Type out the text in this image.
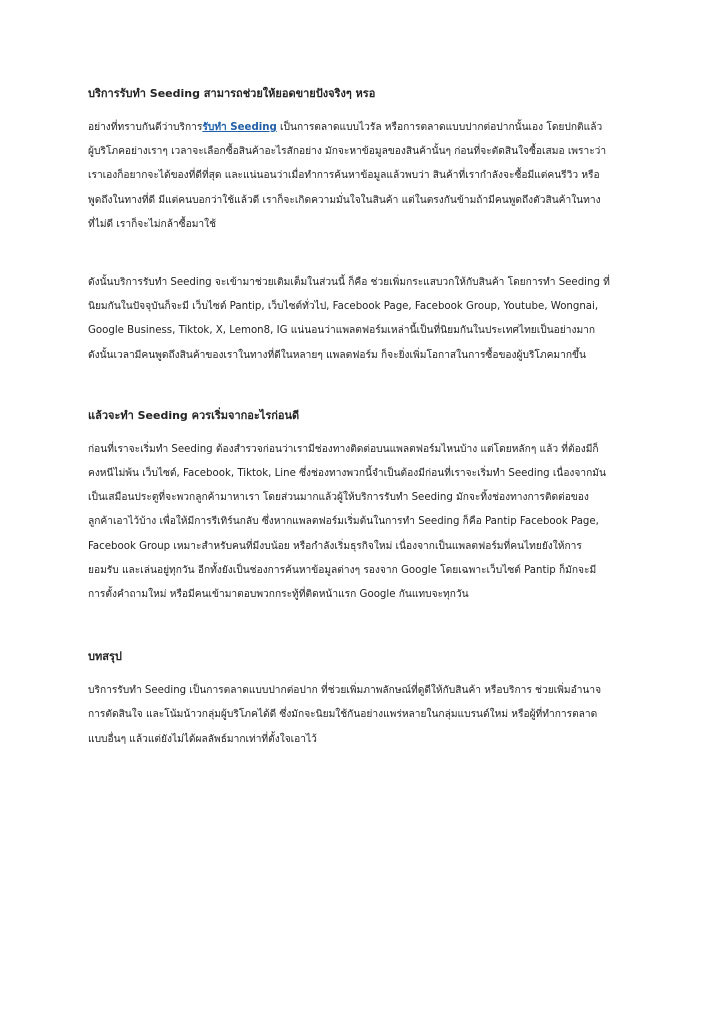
บริการรับทำ Seeding สามารถช่วยให้ยอดขายปังจริงๆ หรอ

อย่างที่ทราบกันดีว่าบริการรับทำ Seeding เป็นการตลาดแบบไวรัล หรือการตลาดแบบปากต่อปากนั้นเอง โดยปกติแล้ว
ผู้บริโภคอย่างเราๆ เวลาจะเลือกซื้อสินค้าอะไรสักอย่าง มักจะหาข้อมูลของสินค้านั้นๆ ก่อนที่จะตัดสินใจซื้อเสมอ เพราะว่า
เราเองก็อยากจะได้ของที่ดีที่สุด และแน่นอนว่าเมื่อทำการค้นหาข้อมูลแล้วพบว่า สินค้าที่เรากำลังจะซื้อมีแต่คนรีวิว หรือ
พูดถึงในทางที่ดี มีแต่คนบอกว่าใช้แล้วดี เราก็จะเกิดความมั่นใจในสินค้า แต่ในตรงกันข้ามถ้ามีคนพูดถึงตัวสินค้าในทาง
ที่ไม่ดี เราก็จะไม่กล้าซื้อมาใช้

ดังนั้นบริการรับทำ Seeding จะเข้ามาช่วยเติมเต็มในส่วนนี้ ก็คือ ช่วยเพิ่มกระแสบวกให้กับสินค้า โดยการทำ Seeding ที่
นิยมกันในปัจจุบันก็จะมี เว็บไซต์ Pantip, เว็บไซต์ทั่วไป, Facebook Page, Facebook Group, Youtube, Wongnai,
Google Business, Tiktok, X, Lemon8, IG แน่นอนว่าแพลตฟอร์มเหล่านี้เป็นที่นิยมกันในประเทศไทยเป็นอย่างมาก
ดังนั้นเวลามีคนพูดถึงสินค้าของเราในทางที่ดีในหลายๆ แพลตฟอร์ม ก็จะยิ่งเพิ่มโอกาสในการซื้อของผู้บริโภคมากขึ้น

แล้วจะทำ Seeding ควรเริ่มจากอะไรก่อนดี

ก่อนที่เราจะเริ่มทำ Seeding ต้องสำรวจก่อนว่าเรามีช่องทางติดต่อบนแพลตฟอร์มไหนบ้าง แต่โดยหลักๆ แล้ว ที่ต้องมีก็
คงหนีไม่พ้น เว็บไซต์, Facebook, Tiktok, Line ซึ่งช่องทางพวกนี้จำเป็นต้องมีก่อนที่เราจะเริ่มทำ Seeding เนื่องจากมัน
เป็นเสมือนประตูที่จะพวกลูกค้ามาหาเรา โดยส่วนมากแล้วผู้ให้บริการรับทำ Seeding มักจะทิ้งช่องทางการติดต่อของ
ลูกค้าเอาไว้บ้าง เพื่อให้มีการรีเทิร์นกลับ ซึ่งหากแพลตฟอร์มเริ่มต้นในการทำ Seeding ก็คือ Pantip Facebook Page,
Facebook Group เหมาะสำหรับคนที่มีงบน้อย หรือกำลังเริ่มธุรกิจใหม่ เนื่องจากเป็นแพลตฟอร์มที่คนไทยยังให้การ
ยอมรับ และเล่นอยู่ทุกวัน อีกทั้งยังเป็นช่องการค้นหาข้อมูลต่างๆ รองจาก Google โดยเฉพาะเว็บไซต์ Pantip ก็มักจะมี
การตั้งคำถามใหม่ หรือมีคนเข้ามาตอบพวกกระทู้ที่ติดหน้าแรก Google กันแทบจะทุกวัน

บทสรุป

บริการรับทำ Seeding เป็นการตลาดแบบปากต่อปาก ที่ช่วยเพิ่มภาพลักษณ์ที่ดูดีให้กับสินค้า หรือบริการ ช่วยเพิ่มอำนาจ
การตัดสินใจ และโน้มน้าวกลุ่มผู้บริโภคได้ดี ซึ่งมักจะนิยมใช้กันอย่างแพร่หลายในกลุ่มแบรนด์ใหม่ หรือผู้ที่ทำการตลาด
แบบอื่นๆ แล้วแต่ยังไม่ได้ผลลัพธ์มากเท่าที่ตั้งใจเอาไว้
